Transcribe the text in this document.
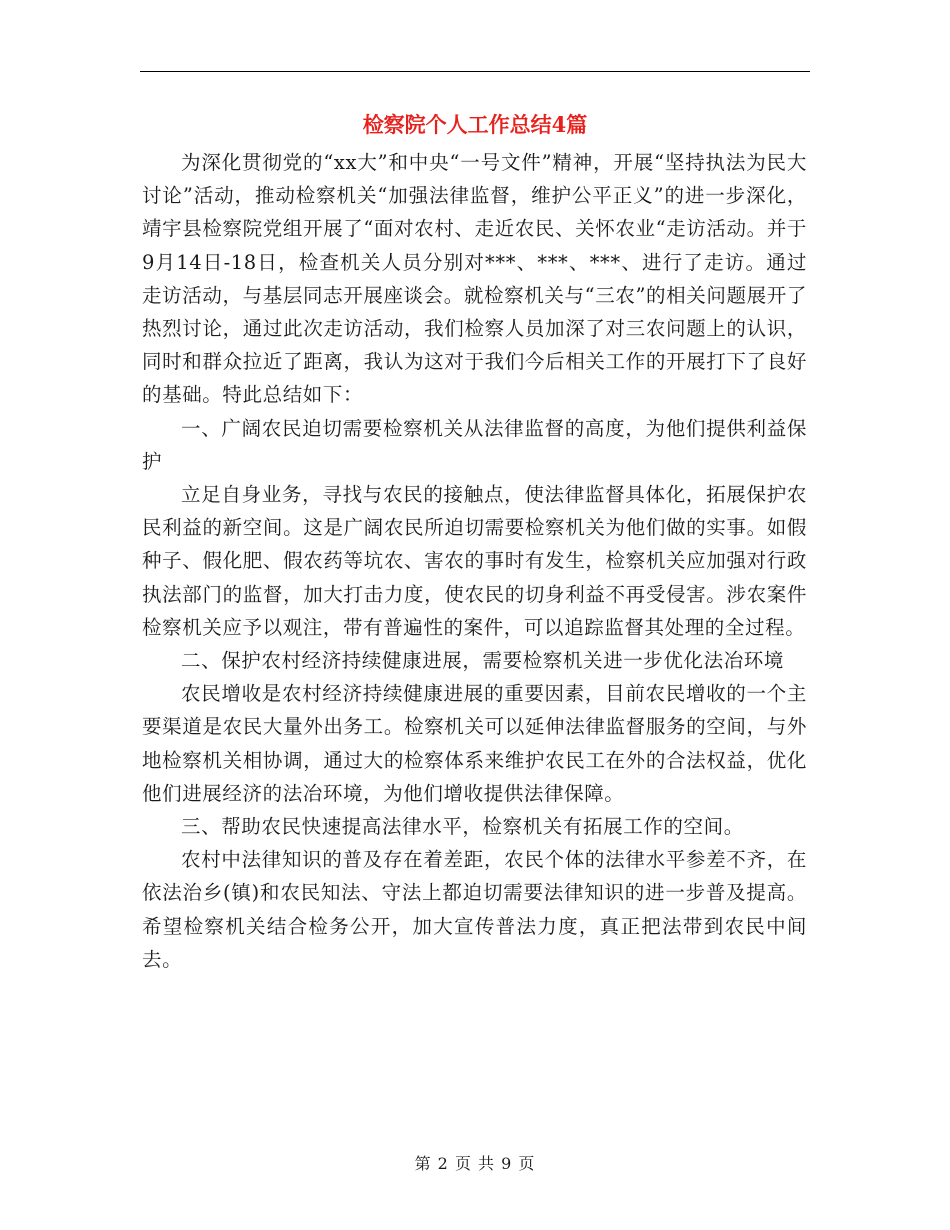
检察院个人工作总结4篇

为深化贯彻党的“xx大”和中央“一号文件”精神，开展“坚持执法为民大讨论”活动，推动检察机关“加强法律监督，维护公平正义”的进一步深化，靖宇县检察院党组开展了“面对农村、走近农民、关怀农业“走访活动。并于9月14日-18日，检查机关人员分别对***、***、***、进行了走访。通过走访活动，与基层同志开展座谈会。就检察机关与“三农”的相关问题展开了热烈讨论，通过此次走访活动，我们检察人员加深了对三农问题上的认识，同时和群众拉近了距离，我认为这对于我们今后相关工作的开展打下了良好的基础。特此总结如下：

一、广阔农民迫切需要检察机关从法律监督的高度，为他们提供利益保护

立足自身业务，寻找与农民的接触点，使法律监督具体化，拓展保护农民利益的新空间。这是广阔农民所迫切需要检察机关为他们做的实事。如假种子、假化肥、假农药等坑农、害农的事时有发生，检察机关应加强对行政执法部门的监督，加大打击力度，使农民的切身利益不再受侵害。涉农案件检察机关应予以观注，带有普遍性的案件，可以追踪监督其处理的全过程。

二、保护农村经济持续健康进展，需要检察机关进一步优化法冶环境

农民增收是农村经济持续健康进展的重要因素，目前农民增收的一个主要渠道是农民大量外出务工。检察机关可以延伸法律监督服务的空间，与外地检察机关相协调，通过大的检察体系来维护农民工在外的合法权益，优化他们进展经济的法冶环境，为他们增收提供法律保障。

三、帮助农民快速提高法律水平，检察机关有拓展工作的空间。

农村中法律知识的普及存在着差距，农民个体的法律水平参差不齐，在依法治乡(镇)和农民知法、守法上都迫切需要法律知识的进一步普及提高。希望检察机关结合检务公开，加大宣传普法力度，真正把法带到农民中间去。

第 2 页 共 9 页
